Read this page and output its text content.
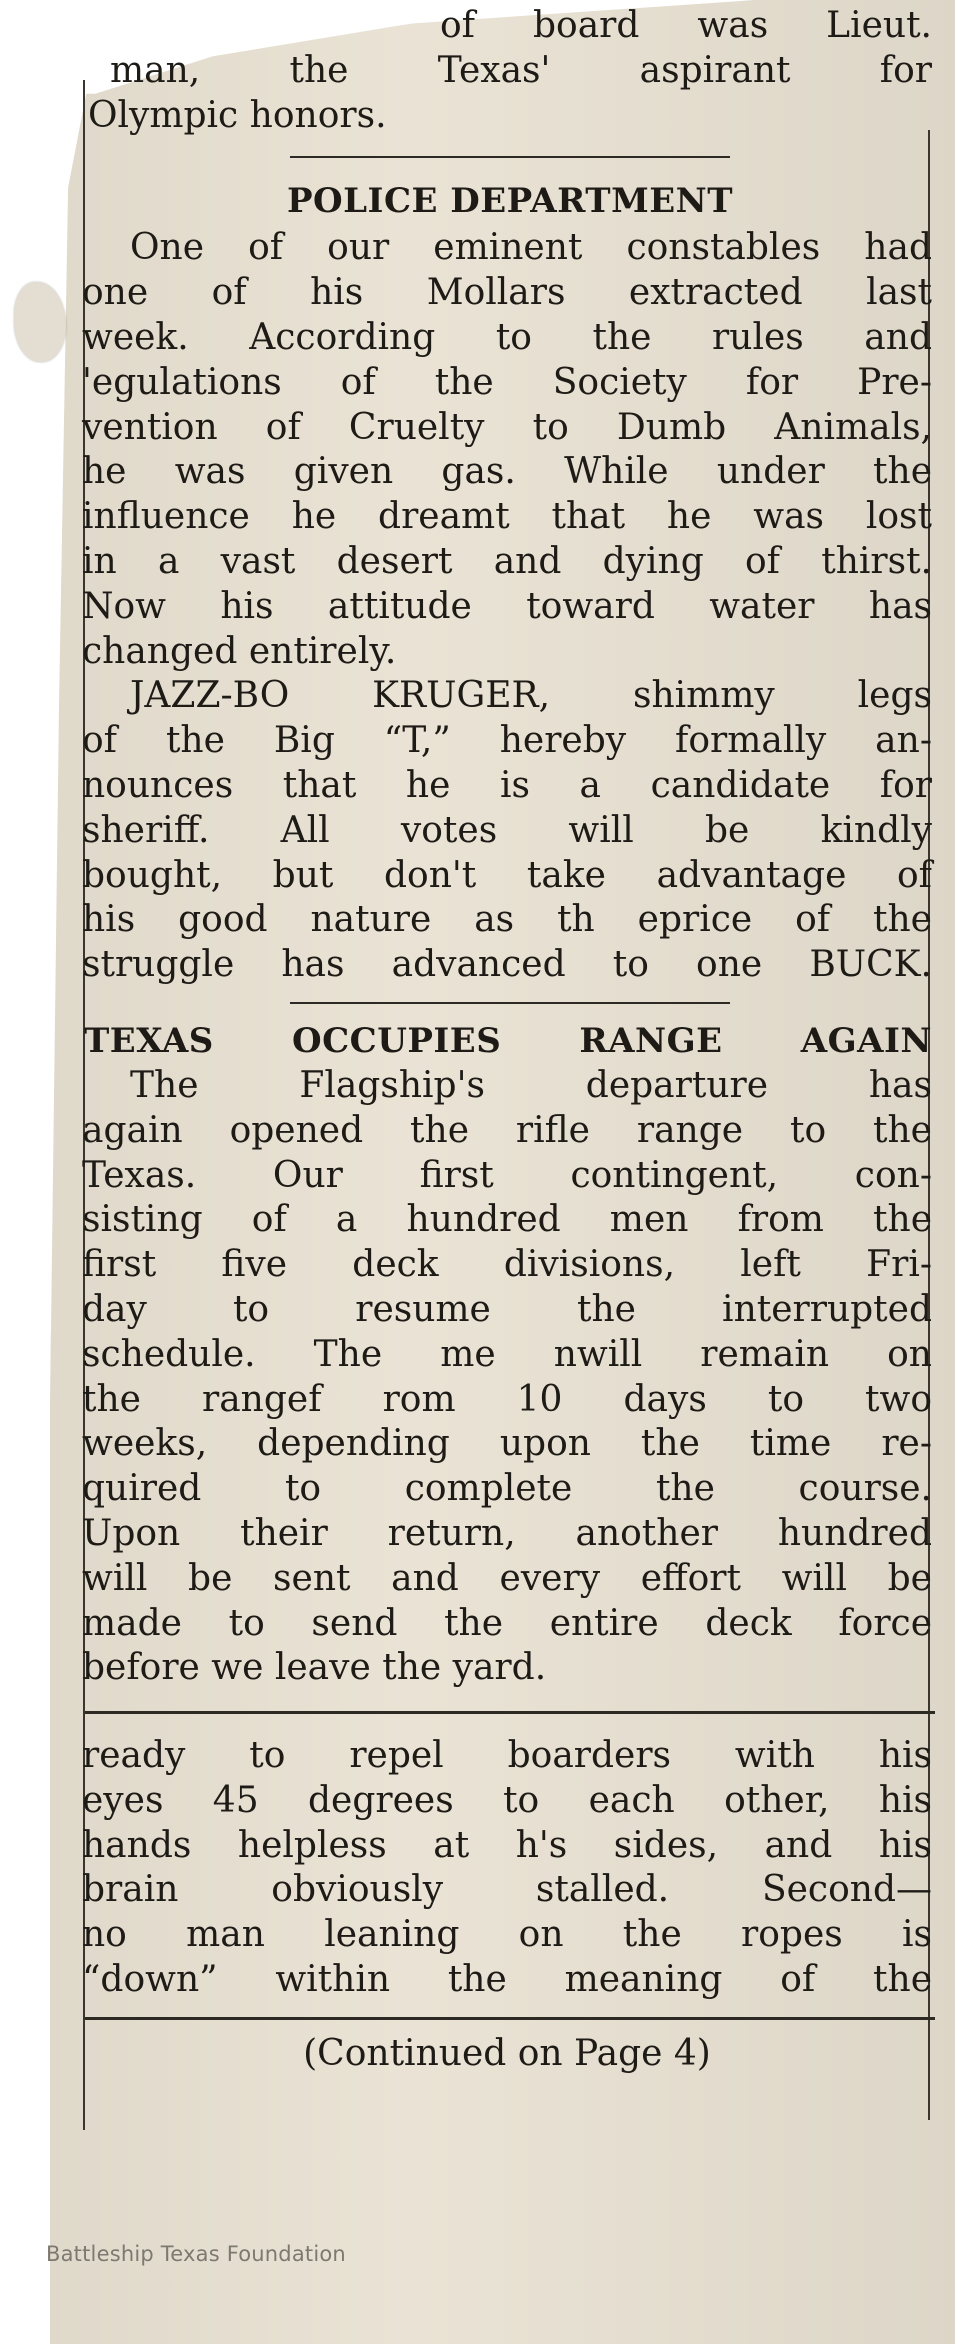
of board was Lieut.
man, the Texas' aspirant for
Olympic honors.
POLICE DEPARTMENT
One of our eminent constables had
one of his Mollars extracted last
week. According to the rules and
'egulations of the Society for Pre-
vention of Cruelty to Dumb Animals,
he was given gas. While under the
influence he dreamt that he was lost
in a vast desert and dying of thirst.
Now his attitude toward water has
changed entirely.
JAZZ-BO KRUGER, shimmy legs
of the Big “T,” hereby formally an-
nounces that he is a candidate for
sheriff. All votes will be kindly
bought, but don't take advantage of
his good nature as th eprice of the
struggle has advanced to one BUCK.
TEXAS OCCUPIES RANGE AGAIN
The Flagship's departure has
again opened the rifle range to the
Texas. Our first contingent, con-
sisting of a hundred men from the
first five deck divisions, left Fri-
day to resume the interrupted
schedule. The me nwill remain on
the rangef rom 10 days to two
weeks, depending upon the time re-
quired to complete the course.
Upon their return, another hundred
will be sent and every effort will be
made to send the entire deck force
before we leave the yard.
ready to repel boarders with his
eyes 45 degrees to each other, his
hands helpless at h's sides, and his
brain obviously stalled. Second—
no man leaning on the ropes is
“down” within the meaning of the
(Continued on Page 4)
Battleship Texas Foundation
